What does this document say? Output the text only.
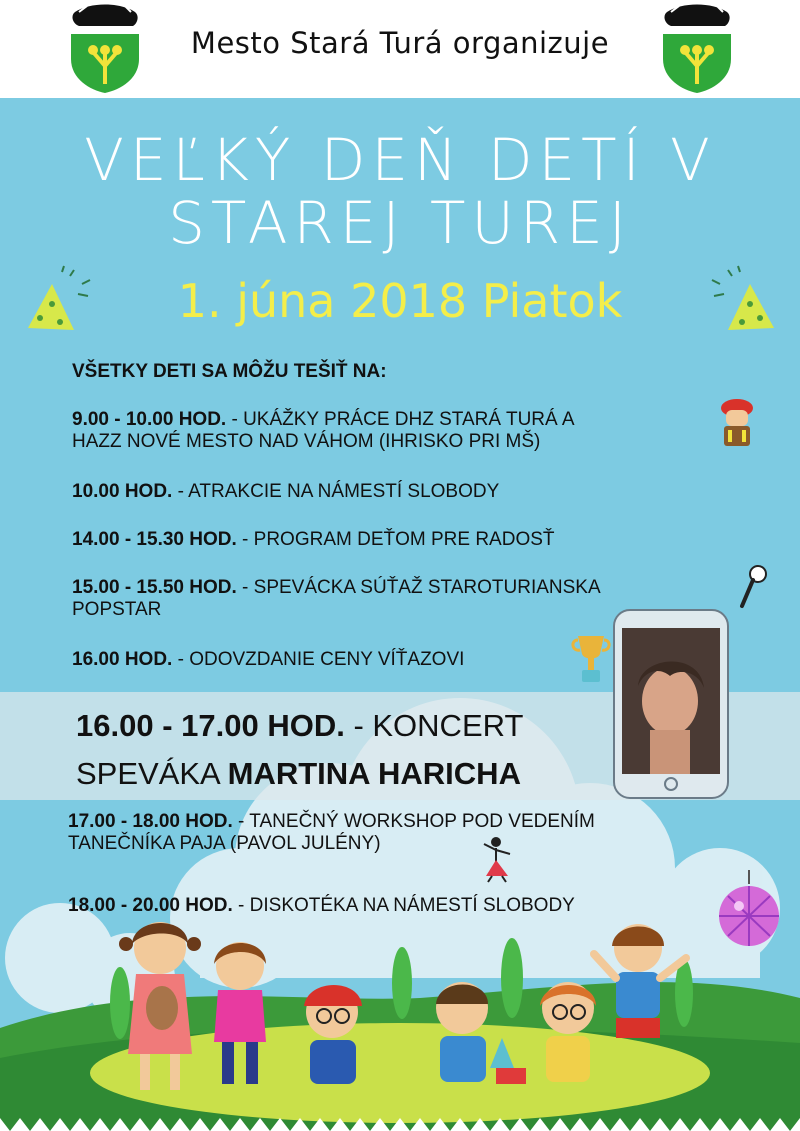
Mesto Stará Turá organizuje
VEĽKÝ DEŇ DETÍ V
STAREJ TUREJ
1. júna 2018 Piatok
VŠETKY DETI SA MÔŽU TEŠIŤ NA:
9.00 - 10.00 HOD. - UKÁŽKY PRÁCE DHZ STARÁ TURÁ A
HAZZ NOVÉ MESTO NAD VÁHOM (IHRISKO PRI MŠ)
10.00 HOD. - ATRAKCIE NA NÁMESTÍ SLOBODY
14.00 - 15.30 HOD. - PROGRAM DEŤOM PRE RADOSŤ
15.00 - 15.50 HOD. - SPEVÁCKA SÚŤAŽ STAROTURIANSKA
POPSTAR
16.00 HOD. - ODOVZDANIE CENY VÍŤAZOVI
16.00 - 17.00 HOD. - KONCERT
SPEVÁKA MARTINA HARICHA
17.00 - 18.00 HOD. - TANEČNÝ WORKSHOP POD VEDENÍM
TANEČNÍKA PAJA (PAVOL JULÉNY)
18.00 - 20.00 HOD. - DISKOTÉKA NA NÁMESTÍ SLOBODY
